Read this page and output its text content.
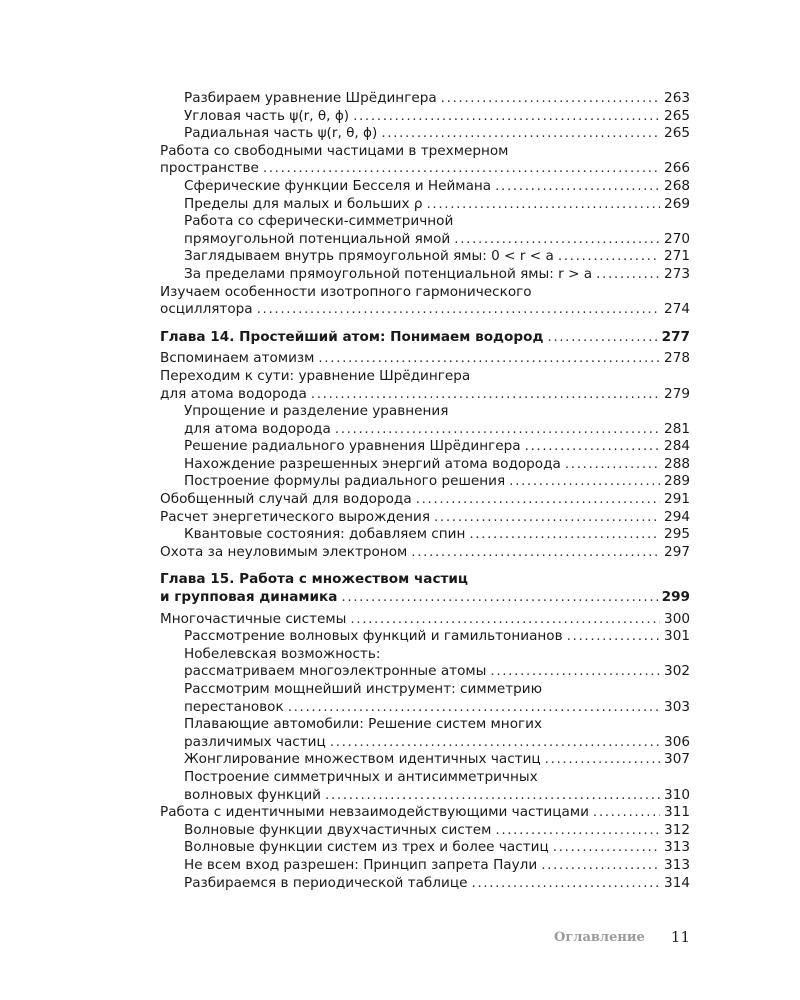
Разбираем уравнение Шрёдингера .....	263
Угловая часть ψ(r, θ, ϕ) .....	265
Радиальная часть ψ(r, θ, ϕ) .....	265
Работа со свободными частицами в трехмерном
пространстве .....	266
Сферические функции Бесселя и Неймана .....	268
Пределы для малых и больших ρ .....	269
Работа со сферически-симметричной
прямоугольной потенциальной ямой .....	270
Заглядываем внутрь прямоугольной ямы: 0 < r < a .....	271
За пределами прямоугольной потенциальной ямы: r > a .....	273
Изучаем особенности изотропного гармонического
осциллятора .....	274
Глава 14. Простейший атом: Понимаем водород .....	277
Вспоминаем атомизм .....	278
Переходим к сути: уравнение Шрёдингера
для атома водорода .....	279
Упрощение и разделение уравнения
для атома водорода .....	281
Решение радиального уравнения Шрёдингера .....	284
Нахождение разрешенных энергий атома водорода .....	288
Построение формулы радиального решения .....	289
Обобщенный случай для водорода .....	291
Расчет энергетического вырождения .....	294
Квантовые состояния: добавляем спин .....	295
Охота за неуловимым электроном .....	297
Глава 15. Работа с множеством частиц
и групповая динамика .....	299
Многочастичные системы .....	300
Рассмотрение волновых функций и гамильтонианов .....	301
Нобелевская возможность:
рассматриваем многоэлектронные атомы .....	302
Рассмотрим мощнейший инструмент: симметрию
перестановок .....	303
Плавающие автомобили: Решение систем многих
различимых частиц .....	306
Жонглирование множеством идентичных частиц .....	307
Построение симметричных и антисимметричных
волновых функций .....	310
Работа с идентичными невзаимодействующими частицами .....	311
Волновые функции двухчастичных систем .....	312
Волновые функции систем из трех и более частиц .....	313
Не всем вход разрешен: Принцип запрета Паули .....	313
Разбираемся в периодической таблице .....	314
Оглавление 11
